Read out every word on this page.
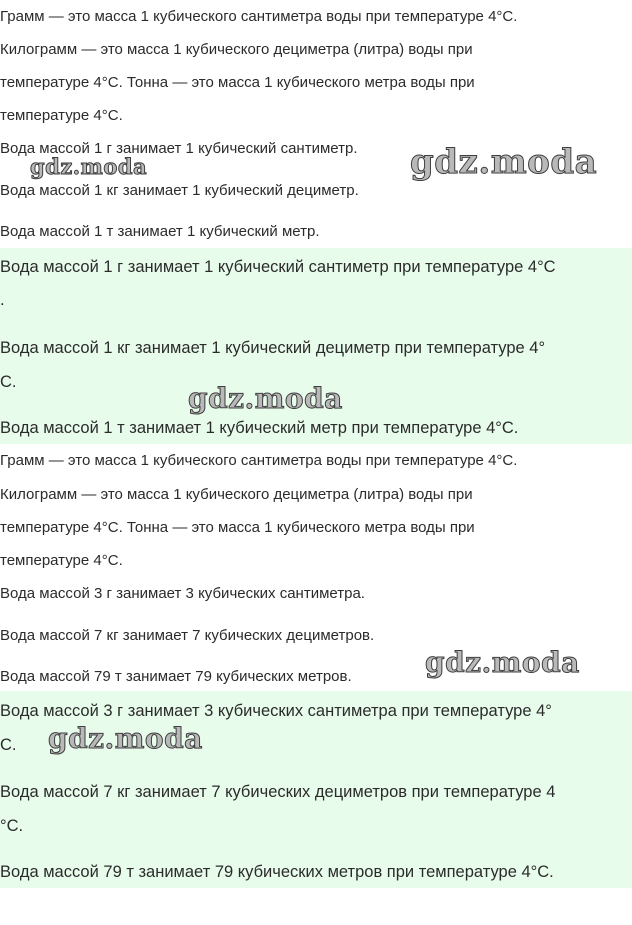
Грамм — это масса 1 кубического сантиметра воды при температуре 4°C.
Килограмм — это масса 1 кубического дециметра (литра) воды при
температуре 4°C. Тонна — это масса 1 кубического метра воды при
температуре 4°C.
Вода массой 1 г занимает 1 кубический сантиметр.
Вода массой 1 кг занимает 1 кубический дециметр.
Вода массой 1 т занимает 1 кубический метр.
Вода массой 1 г занимает 1 кубический сантиметр при температуре 4°C
.
Вода массой 1 кг занимает 1 кубический дециметр при температуре 4°
C.
Вода массой 1 т занимает 1 кубический метр при температуре 4°C.
Грамм — это масса 1 кубического сантиметра воды при температуре 4°C.
Килограмм — это масса 1 кубического дециметра (литра) воды при
температуре 4°C. Тонна — это масса 1 кубического метра воды при
температуре 4°C.
Вода массой 3 г занимает 3 кубических сантиметра.
Вода массой 7 кг занимает 7 кубических дециметров.
Вода массой 79 т занимает 79 кубических метров.
Вода массой 3 г занимает 3 кубических сантиметра при температуре 4°
C.
Вода массой 7 кг занимает 7 кубических дециметров при температуре 4
°C.
Вода массой 79 т занимает 79 кубических метров при температуре 4°C.
gdz.moda	gdz.moda
gdz.moda
gdz.moda
gdz.moda
